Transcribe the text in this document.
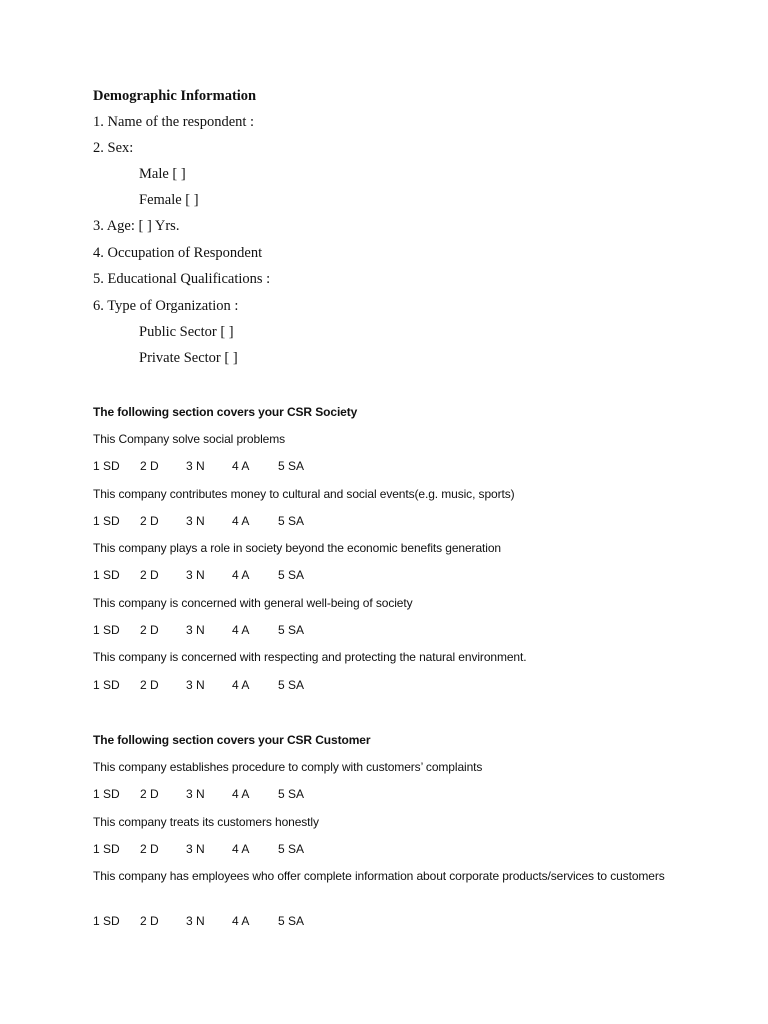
Demographic Information
1. Name of the respondent :
2. Sex:
Male [ ]
Female [ ]
3. Age: [ ] Yrs.
4. Occupation of Respondent
5. Educational Qualifications :
6. Type of Organization :
Public Sector [ ]
Private Sector [ ]
The following section covers your CSR Society
This Company solve social problems
1 SD 2 D 3 N 4 A 5 SA
This company contributes money to cultural and social events(e.g. music, sports)
1 SD 2 D 3 N 4 A 5 SA
This company plays a role in society beyond the economic benefits generation
1 SD 2 D 3 N 4 A 5 SA
This company is concerned with general well-being of society
1 SD 2 D 3 N 4 A 5 SA
This company is concerned with respecting and protecting the natural environment.
1 SD 2 D 3 N 4 A 5 SA
The following section covers your CSR Customer
This company establishes procedure to comply with customers’ complaints
1 SD 2 D 3 N 4 A 5 SA
This company treats its customers honestly
1 SD 2 D 3 N 4 A 5 SA
This company has employees who offer complete information about corporate products/services to customers
1 SD 2 D 3 N 4 A 5 SA
